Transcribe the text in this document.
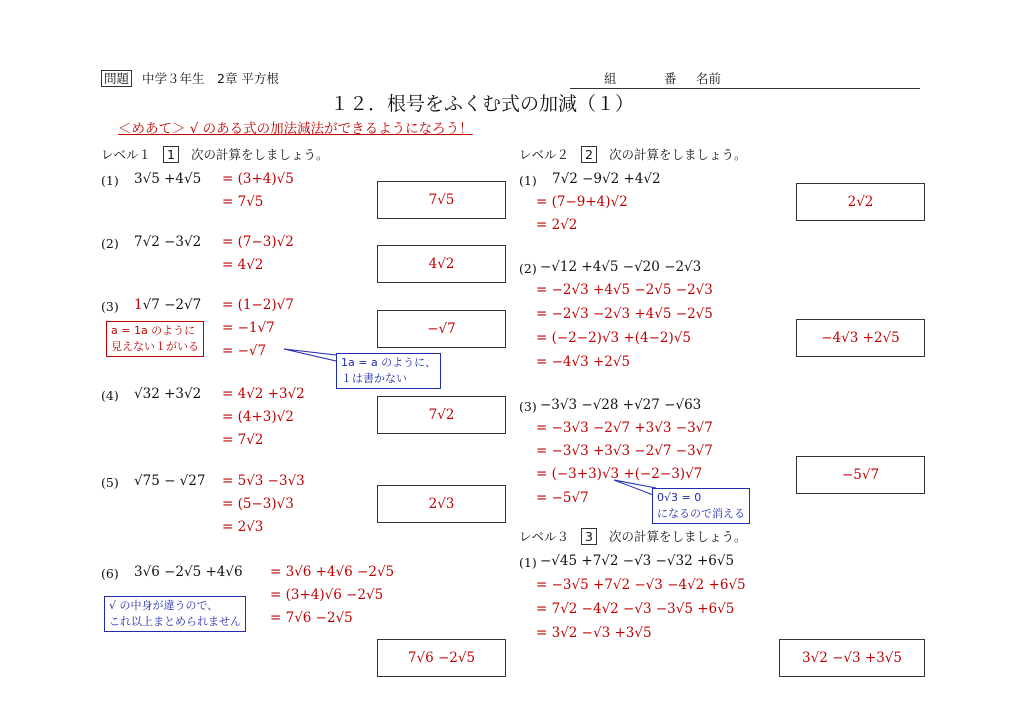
問題 中学３年生　2章 平方根	組	番 名前
１２．根号をふくむ式の加減（１）
＜めあて＞ √ のある式の加法減法ができるようになろう！
レベル１ 1 次の計算をしましょう。
(1) 3√5 +4√5 = (3+4)√5
= 7√5	7√5
(2) 7√2 −3√2 = (7−3)√2
= 4√2	4√2
(3) 1√7 −2√7 = (1−2)√7
= −1√7
= −√7
−√7
a = 1a のように
見えない１がいる
1a = a のように、
１は書かない
(4) √32 +3√2 = 4√2 +3√2
= (4+3)√2
= 7√2
7√2
(5) √75 − √27 = 5√3 −3√3
= (5−3)√3
= 2√3
2√3
(6) 3√6 −2√5 +4√6 = 3√6 +4√6 −2√5
= (3+4)√6 −2√5
= 7√6 −2√5
7√6 −2√5
√ の中身が違うので、
これ以上まとめられません
レベル２ 2 次の計算をしましょう。
(1) 7√2 −9√2 +4√2
= (7−9+4)√2
= 2√2
2√2
(2) −√12 +4√5 −√20 −2√3
= −2√3 +4√5 −2√5 −2√3
= −2√3 −2√3 +4√5 −2√5
= (−2−2)√3 +(4−2)√5
= −4√3 +2√5
−4√3 +2√5
(3) −3√3 −√28 +√27 −√63
= −3√3 −2√7 +3√3 −3√7
= −3√3 +3√3 −2√7 −3√7
= (−3+3)√3 +(−2−3)√7
= −5√7
−5√7
0√3 = 0
になるので消える
レベル３ 3 次の計算をしましょう。
(1) −√45 +7√2 −√3 −√32 +6√5
= −3√5 +7√2 −√3 −4√2 +6√5
= 7√2 −4√2 −√3 −3√5 +6√5
= 3√2 −√3 +3√5
3√2 −√3 +3√5
